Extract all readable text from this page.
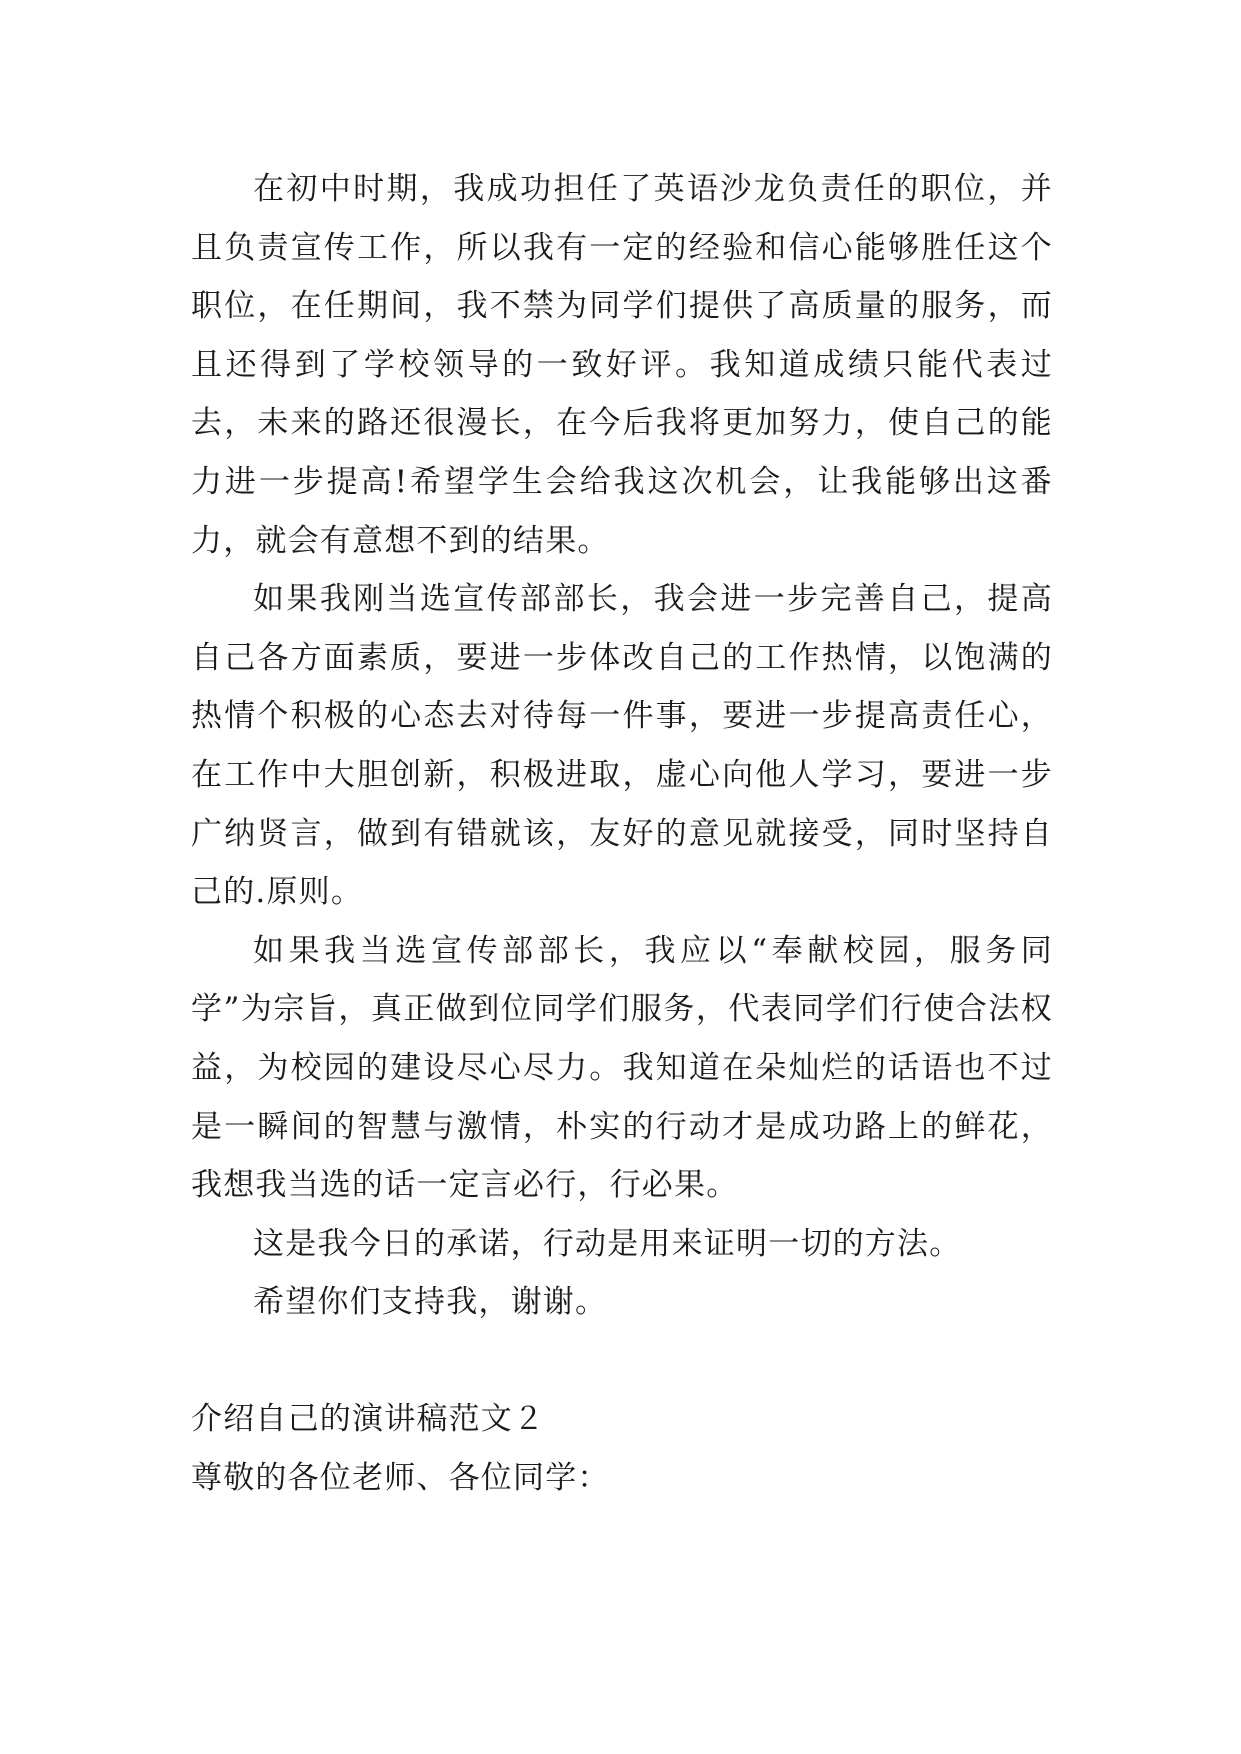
在初中时期，我成功担任了英语沙龙负责任的职位，并且负责宣传工作，所以我有一定的经验和信心能够胜任这个职位，在任期间，我不禁为同学们提供了高质量的服务，而且还得到了学校领导的一致好评。我知道成绩只能代表过去，未来的路还很漫长，在今后我将更加努力，使自己的能力进一步提高!希望学生会给我这次机会，让我能够出这番力，就会有意想不到的结果。

如果我刚当选宣传部部长，我会进一步完善自己，提高自己各方面素质，要进一步体改自己的工作热情，以饱满的热情个积极的心态去对待每一件事，要进一步提高责任心，在工作中大胆创新，积极进取，虚心向他人学习，要进一步广纳贤言，做到有错就该，友好的意见就接受，同时坚持自己的.原则。

如果我当选宣传部部长，我应以“奉献校园，服务同学”为宗旨，真正做到位同学们服务，代表同学们行使合法权益，为校园的建设尽心尽力。我知道在朵灿烂的话语也不过是一瞬间的智慧与激情，朴实的行动才是成功路上的鲜花，我想我当选的话一定言必行，行必果。

这是我今日的承诺，行动是用来证明一切的方法。

希望你们支持我，谢谢。

介绍自己的演讲稿范文２

尊敬的各位老师、各位同学：
